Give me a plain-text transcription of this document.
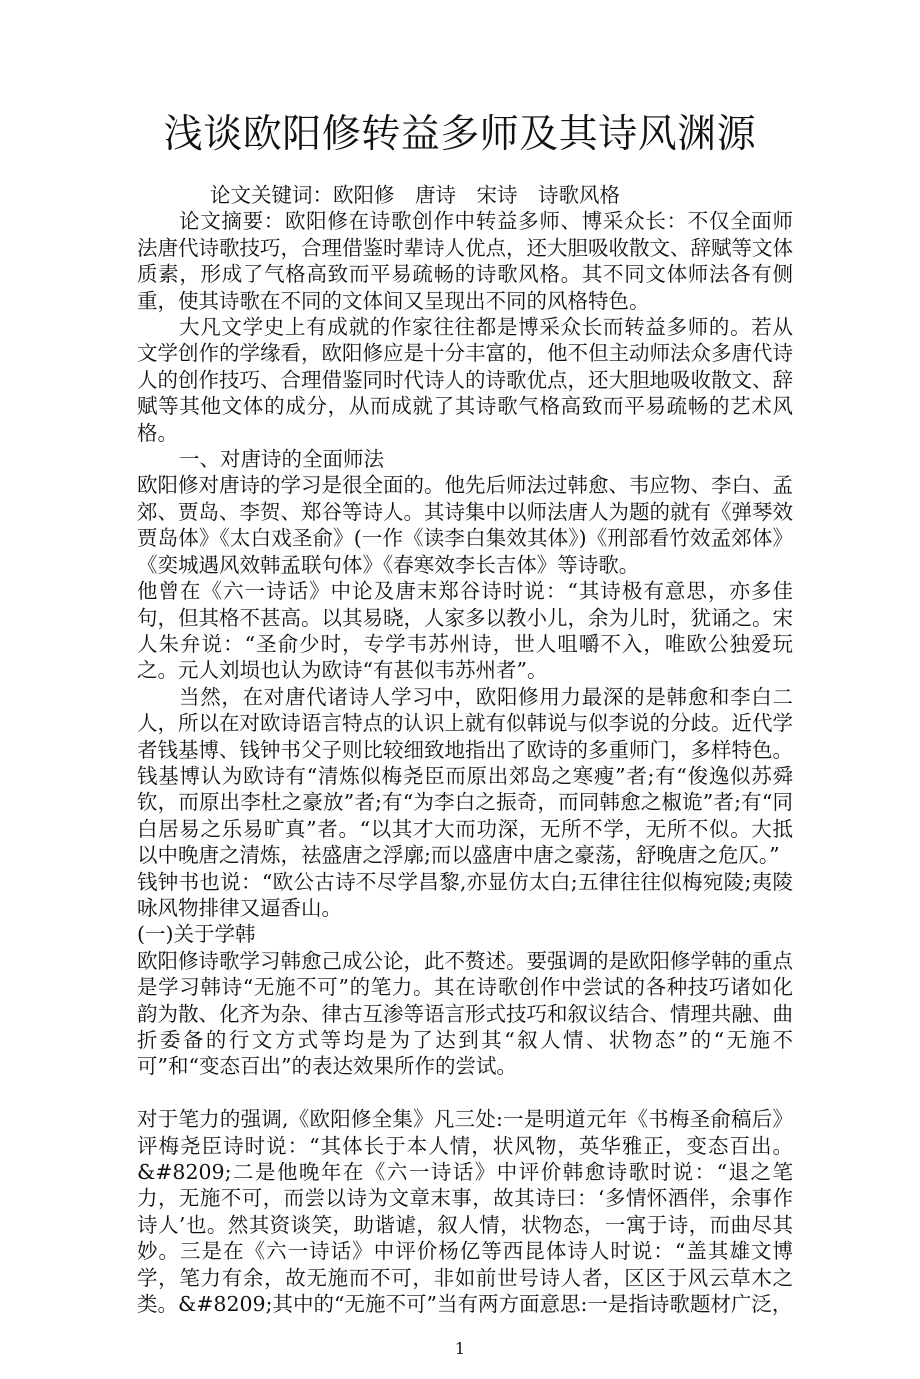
浅谈欧阳修转益多师及其诗风渊源

论文关键词：欧阳修　唐诗　宋诗　诗歌风格

论文摘要：欧阳修在诗歌创作中转益多师、博采众长：不仅全面师法唐代诗歌技巧，合理借鉴时辈诗人优点，还大胆吸收散文、辞赋等文体质素，形成了气格高致而平易疏畅的诗歌风格。其不同文体师法各有侧重，使其诗歌在不同的文体间又呈现出不同的风格特色。

大凡文学史上有成就的作家往往都是博采众长而转益多师的。若从文学创作的学缘看，欧阳修应是十分丰富的，他不但主动师法众多唐代诗人的创作技巧、合理借鉴同时代诗人的诗歌优点，还大胆地吸收散文、辞赋等其他文体的成分，从而成就了其诗歌气格高致而平易疏畅的艺术风格。

一、对唐诗的全面师法

欧阳修对唐诗的学习是很全面的。他先后师法过韩愈、韦应物、李白、孟郊、贾岛、李贺、郑谷等诗人。其诗集中以师法唐人为题的就有《弹琴效贾岛体》《太白戏圣俞》(一作《读李白集效其体》)《刑部看竹效孟郊体》《奕城遇风效韩孟联句体》《春寒效李长吉体》等诗歌。

他曾在《六一诗话》中论及唐末郑谷诗时说：“其诗极有意思，亦多佳句，但其格不甚高。以其易晓，人家多以教小儿，余为儿时，犹诵之。宋人朱弁说：“圣俞少时，专学韦苏州诗，世人咀嚼不入，唯欧公独爱玩之。元人刘埙也认为欧诗“有甚似韦苏州者”。

当然，在对唐代诸诗人学习中，欧阳修用力最深的是韩愈和李白二人，所以在对欧诗语言特点的认识上就有似韩说与似李说的分歧。近代学者钱基博、钱钟书父子则比较细致地指出了欧诗的多重师门，多样特色。

钱基博认为欧诗有“清炼似梅尧臣而原出郊岛之寒瘦”者;有“俊逸似苏舜钦，而原出李杜之豪放”者;有“为李白之振奇，而同韩愈之椒诡”者;有“同白居易之乐易旷真”者。“以其才大而功深，无所不学，无所不似。大抵以中晚唐之清炼，祛盛唐之浮廓;而以盛唐中唐之豪荡，舒晚唐之危仄。”

钱钟书也说：“欧公古诗不尽学昌黎,亦显仿太白;五律往往似梅宛陵;夷陵咏风物排律又逼香山。

(一)关于学韩

欧阳修诗歌学习韩愈己成公论，此不赘述。要强调的是欧阳修学韩的重点是学习韩诗“无施不可”的笔力。其在诗歌创作中尝试的各种技巧诸如化韵为散、化齐为杂、律古互渗等语言形式技巧和叙议结合、情理共融、曲折委备的行文方式等均是为了达到其“叙人情、状物态”的“无施不可”和“变态百出”的表达效果所作的尝试。

对于笔力的强调,《欧阳修全集》凡三处:一是明道元年《书梅圣俞稿后》评梅尧臣诗时说：“其体长于本人情，状风物，英华雅正，变态百出。&#8209;二是他晚年在《六一诗话》中评价韩愈诗歌时说：“退之笔力，无施不可，而尝以诗为文章末事，故其诗曰：‘多情怀酒伴，余事作诗人’也。然其资谈笑，助谐谑，叙人情，状物态，一寓于诗，而曲尽其妙。三是在《六一诗话》中评价杨亿等西昆体诗人时说：“盖其雄文博学，笔力有余，故无施而不可，非如前世号诗人者，区区于风云草木之类。&#8209;其中的“无施不可”当有两方面意思:一是指诗歌题材广泛，

1
